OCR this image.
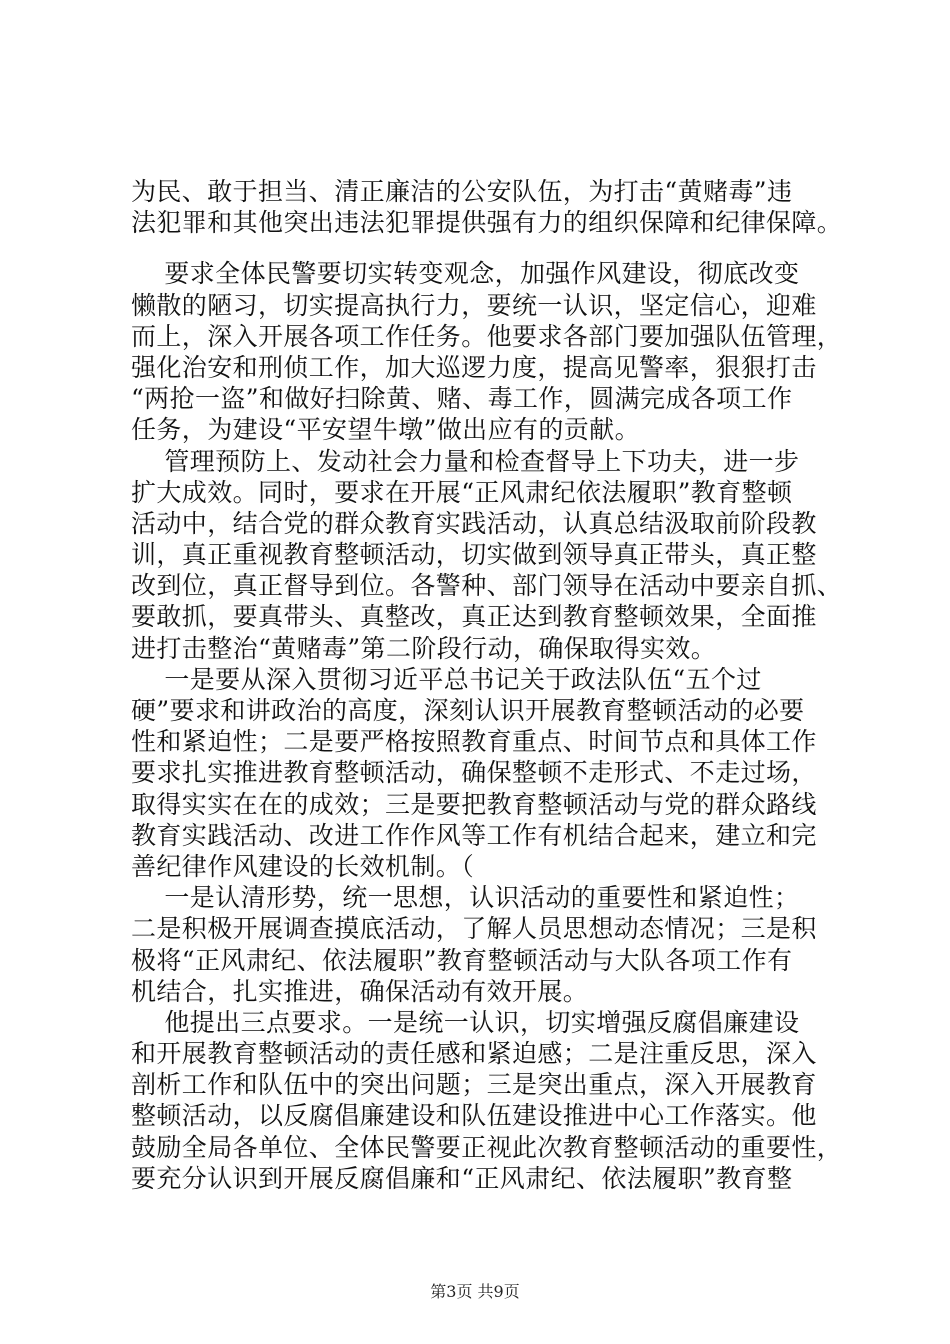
为民、敢于担当、清正廉洁的公安队伍，为打击“黄赌毒”违
法犯罪和其他突出违法犯罪提供强有力的组织保障和纪律保障。
要求全体民警要切实转变观念，加强作风建设，彻底改变
懒散的陋习，切实提高执行力，要统一认识，坚定信心，迎难
而上，深入开展各项工作任务。他要求各部门要加强队伍管理，
强化治安和刑侦工作，加大巡逻力度，提高见警率，狠狠打击
“两抢一盗”和做好扫除黄、赌、毒工作，圆满完成各项工作
任务，为建设“平安望牛墩”做出应有的贡献。
管理预防上、发动社会力量和检查督导上下功夫，进一步
扩大成效。同时，要求在开展“正风肃纪依法履职”教育整顿
活动中，结合党的群众教育实践活动，认真总结汲取前阶段教
训，真正重视教育整顿活动，切实做到领导真正带头，真正整
改到位，真正督导到位。各警种、部门领导在活动中要亲自抓、
要敢抓，要真带头、真整改，真正达到教育整顿效果，全面推
进打击整治“黄赌毒”第二阶段行动，确保取得实效。
一是要从深入贯彻习近平总书记关于政法队伍“五个过
硬”要求和讲政治的高度，深刻认识开展教育整顿活动的必要
性和紧迫性；二是要严格按照教育重点、时间节点和具体工作
要求扎实推进教育整顿活动，确保整顿不走形式、不走过场，
取得实实在在的成效；三是要把教育整顿活动与党的群众路线
教育实践活动、改进工作作风等工作有机结合起来，建立和完
善纪律作风建设的长效机制。（
一是认清形势，统一思想，认识活动的重要性和紧迫性；
二是积极开展调查摸底活动，了解人员思想动态情况；三是积
极将“正风肃纪、依法履职”教育整顿活动与大队各项工作有
机结合，扎实推进，确保活动有效开展。
他提出三点要求。一是统一认识，切实增强反腐倡廉建设
和开展教育整顿活动的责任感和紧迫感；二是注重反思，深入
剖析工作和队伍中的突出问题；三是突出重点，深入开展教育
整顿活动，以反腐倡廉建设和队伍建设推进中心工作落实。他
鼓励全局各单位、全体民警要正视此次教育整顿活动的重要性，
要充分认识到开展反腐倡廉和“正风肃纪、依法履职”教育整
第3页 共9页
